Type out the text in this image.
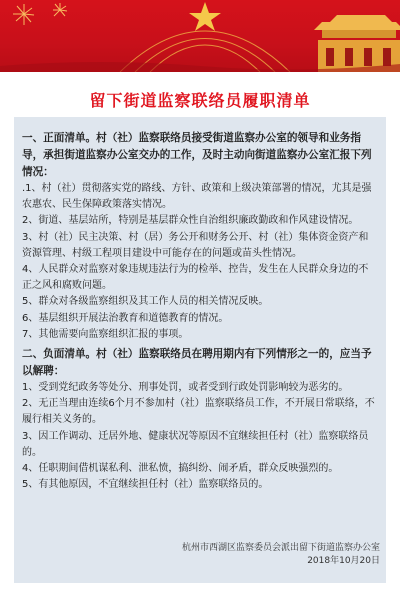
留下街道监察联络员履职清单

一、正面清单。村（社）监察联络员接受街道监察办公室的领导和业务指导，承担街道监察办公室交办的工作，及时主动向街道监察办公室汇报下列情况：

.1、村（社）贯彻落实党的路线、方针、政策和上级决策部署的情况，尤其是强农惠农、民生保障政策落实情况。

2、街道、基层站所，特别是基层群众性自治组织廉政勤政和作风建设情况。

3、村（社）民主决策、村（居）务公开和财务公开、村（社）集体资金资产和资源管理、村级工程项目建设中可能存在的问题或苗头性情况。

4、人民群众对监察对象违规违法行为的检举、控告，发生在人民群众身边的不正之风和腐败问题。

5、群众对各级监察组织及其工作人员的相关情况反映。

6、基层组织开展法治教育和道德教育的情况。

7、其他需要向监察组织汇报的事项。

二、负面清单。村（社）监察联络员在聘用期内有下列情形之一的，应当予以解聘：

1、受到党纪政务等处分、刑事处罚，或者受到行政处罚影响较为恶劣的。

2、无正当理由连续6个月不参加村（社）监察联络员工作，不开展日常联络，不履行相关义务的。

3、因工作调动、迁居外地、健康状况等原因不宜继续担任村（社）监察联络员的。

4、任职期间借机谋私利、泄私愤，搞纠纷、闹矛盾，群众反映强烈的。

5、有其他原因，不宜继续担任村（社）监察联络员的。

杭州市西湖区监察委员会派出留下街道监察办公室
2018年10月20日
